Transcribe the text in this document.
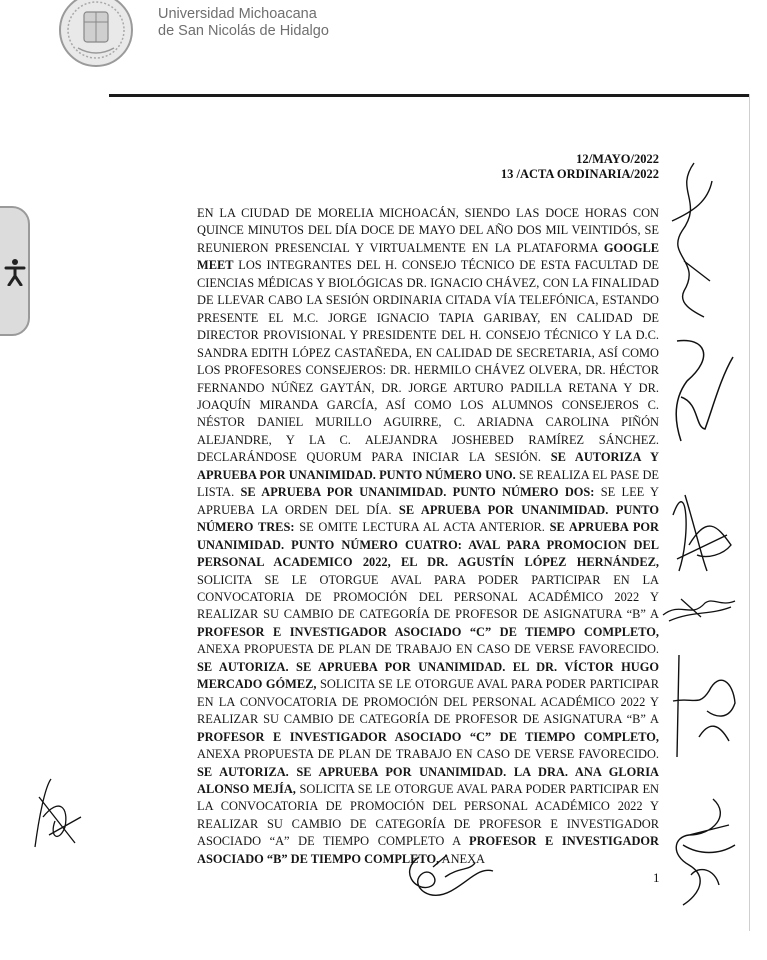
Universidad Michoacana
de San Nicolás de Hidalgo
12/MAYO/2022
13 /ACTA ORDINARIA/2022

EN LA CIUDAD DE MORELIA MICHOACÁN, SIENDO LAS DOCE HORAS CON QUINCE MINUTOS DEL DÍA DOCE DE MAYO DEL AÑO DOS MIL VEINTIDÓS, SE REUNIERON PRESENCIAL Y VIRTUALMENTE EN LA PLATAFORMA GOOGLE MEET LOS INTEGRANTES DEL H. CONSEJO TÉCNICO DE ESTA FACULTAD DE CIENCIAS MÉDICAS Y BIOLÓGICAS DR. IGNACIO CHÁVEZ, CON LA FINALIDAD DE LLEVAR CABO LA SESIÓN ORDINARIA CITADA VÍA TELEFÓNICA, ESTANDO PRESENTE EL M.C. JORGE IGNACIO TAPIA GARIBAY, EN CALIDAD DE DIRECTOR PROVISIONAL Y PRESIDENTE DEL H. CONSEJO TÉCNICO Y LA D.C. SANDRA EDITH LÓPEZ CASTAÑEDA, EN CALIDAD DE SECRETARIA, ASÍ COMO LOS PROFESORES CONSEJEROS: DR. HERMILO CHÁVEZ OLVERA, DR. HÉCTOR FERNANDO NÚÑEZ GAYTÁN, DR. JORGE ARTURO PADILLA RETANA Y DR. JOAQUÍN MIRANDA GARCÍA, ASÍ COMO LOS ALUMNOS CONSEJEROS C. NÉSTOR DANIEL MURILLO AGUIRRE, C. ARIADNA CAROLINA PIÑÓN ALEJANDRE, Y LA C. ALEJANDRA JOSHEBED RAMÍREZ SÁNCHEZ. DECLARÁNDOSE QUORUM PARA INICIAR LA SESIÓN. SE AUTORIZA Y APRUEBA POR UNANIMIDAD. PUNTO NÚMERO UNO. SE REALIZA EL PASE DE LISTA. SE APRUEBA POR UNANIMIDAD. PUNTO NÚMERO DOS: SE LEE Y APRUEBA LA ORDEN DEL DÍA. SE APRUEBA POR UNANIMIDAD. PUNTO NÚMERO TRES: SE OMITE LECTURA AL ACTA ANTERIOR. SE APRUEBA POR UNANIMIDAD. PUNTO NÚMERO CUATRO: AVAL PARA PROMOCION DEL PERSONAL ACADEMICO 2022, EL DR. AGUSTÍN LÓPEZ HERNÁNDEZ, SOLICITA SE LE OTORGUE AVAL PARA PODER PARTICIPAR EN LA CONVOCATORIA DE PROMOCIÓN DEL PERSONAL ACADÉMICO 2022 Y REALIZAR SU CAMBIO DE CATEGORÍA DE PROFESOR DE ASIGNATURA “B” A PROFESOR E INVESTIGADOR ASOCIADO “C” DE TIEMPO COMPLETO, ANEXA PROPUESTA DE PLAN DE TRABAJO EN CASO DE VERSE FAVORECIDO. SE AUTORIZA. SE APRUEBA POR UNANIMIDAD. EL DR. VÍCTOR HUGO MERCADO GÓMEZ, SOLICITA SE LE OTORGUE AVAL PARA PODER PARTICIPAR EN LA CONVOCATORIA DE PROMOCIÓN DEL PERSONAL ACADÉMICO 2022 Y REALIZAR SU CAMBIO DE CATEGORÍA DE PROFESOR DE ASIGNATURA “B” A PROFESOR E INVESTIGADOR ASOCIADO “C” DE TIEMPO COMPLETO, ANEXA PROPUESTA DE PLAN DE TRABAJO EN CASO DE VERSE FAVORECIDO. SE AUTORIZA. SE APRUEBA POR UNANIMIDAD. LA DRA. ANA GLORIA ALONSO MEJÍA, SOLICITA SE LE OTORGUE AVAL PARA PODER PARTICIPAR EN LA CONVOCATORIA DE PROMOCIÓN DEL PERSONAL ACADÉMICO 2022 Y REALIZAR SU CAMBIO DE CATEGORÍA DE PROFESOR E INVESTIGADOR ASOCIADO “A” DE TIEMPO COMPLETO A PROFESOR E INVESTIGADOR ASOCIADO “B” DE TIEMPO COMPLETO, ANEXA

1
